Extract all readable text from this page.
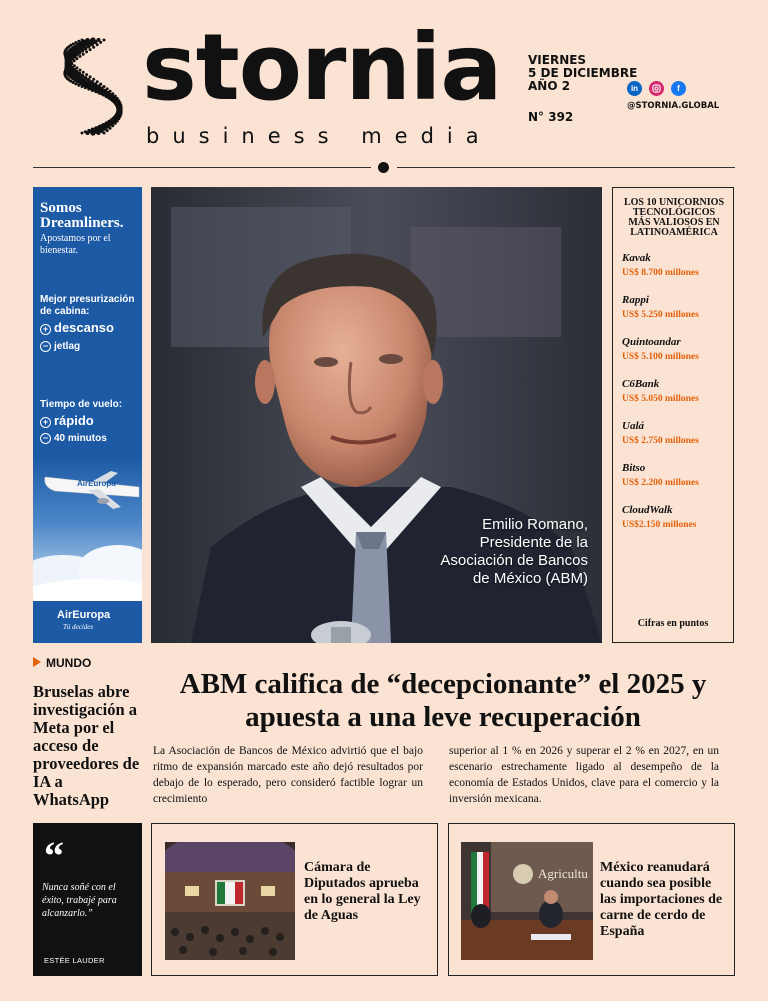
stornia
business media
VIERNES
5 DE DICIEMBRE
AÑO 2
N° 392
in	f
@STORNIA.GLOBAL
Somos Dreamliners.
Apostamos por el bienestar.
Mejor presurización de cabina:
+ descanso
− jetlag
Tiempo de vuelo:
+ rápido
− 40 minutos
AirEuropa
AirEuropa
Tú decides
Emilio Romano, Presidente de la Asociación de Bancos de México (ABM)
LOS 10 UNICORNIOS TECNOLÓGICOS MÁS VALIOSOS EN LATINOAMÉRICA
Kavak
US$ 8.700 millones
Rappi
US$ 5.250 millones
Quintoandar
US$ 5.100 millones
C6Bank
US$ 5.050 millones
Ualá
US$ 2.750 millones
Bitso
US$ 2.200 millones
CloudWalk
US$2.150 millones
Cifras en puntos
MUNDO
Bruselas abre investigación a Meta por el acceso de proveedores de IA a WhatsApp
ABM califica de “decepcionante” el 2025 y apuesta a una leve recuperación
La Asociación de Bancos de México advirtió que el bajo ritmo de expansión marcado este año dejó resultados por debajo de lo esperado, pero consideró factible lograr un crecimiento
superior al 1 % en 2026 y superar el 2 % en 2027, en un escenario estrechamente ligado al desempeño de la economía de Estados Unidos, clave para el comercio y la inversión mexicana.
“
Nunca soñé con el éxito, trabajé para alcanzarlo.”
ESTÉE LAUDER
Cámara de Diputados aprueba en lo general la Ley de Aguas
Agricultu México reanudará cuando sea posible las importaciones de carne de cerdo de España
